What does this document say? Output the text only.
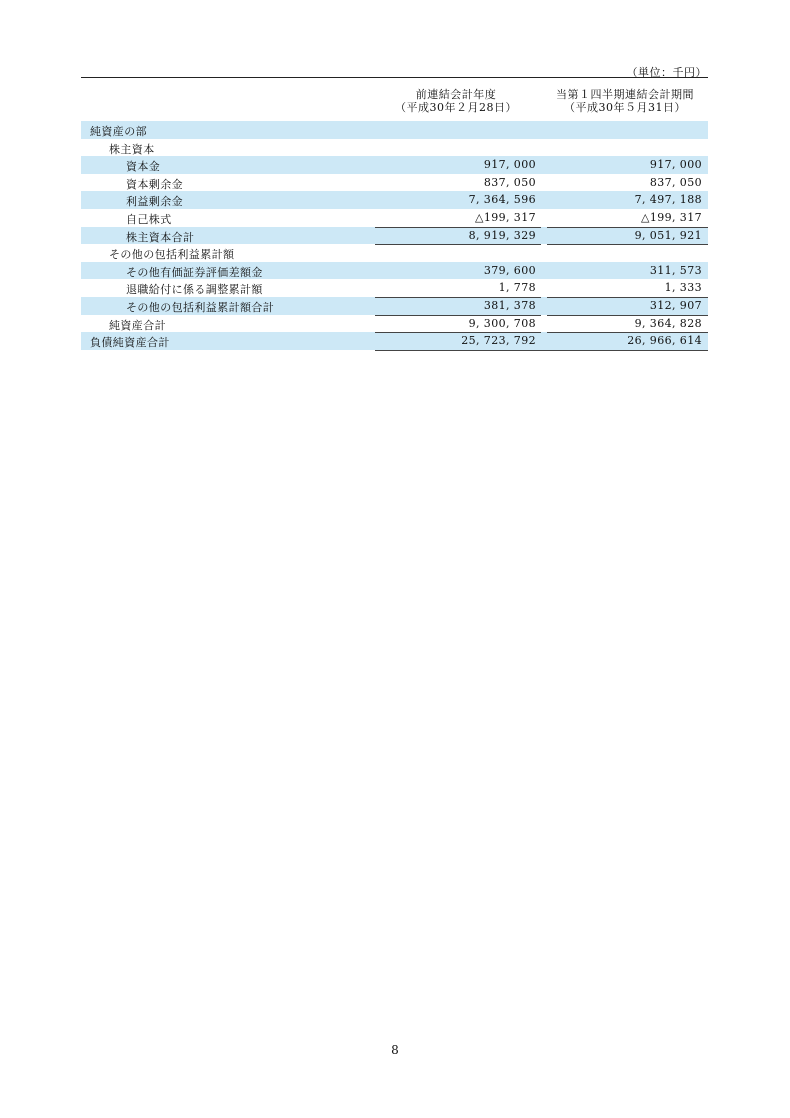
（単位：千円）
前連結会計年度
（平成30年２月28日）
当第１四半期連結会計期間
（平成30年５月31日）
純資産の部
株主資本
資本金	917, 000	917, 000
資本剰余金	837, 050	837, 050
利益剰余金	7, 364, 596	7, 497, 188
自己株式	△199, 317	△199, 317
株主資本合計	8, 919, 329	9, 051, 921
その他の包括利益累計額
その他有価証券評価差額金	379, 600	311, 573
退職給付に係る調整累計額	1, 778	1, 333
その他の包括利益累計額合計	381, 378	312, 907
純資産合計	9, 300, 708	9, 364, 828
負債純資産合計	25, 723, 792	26, 966, 614
8
